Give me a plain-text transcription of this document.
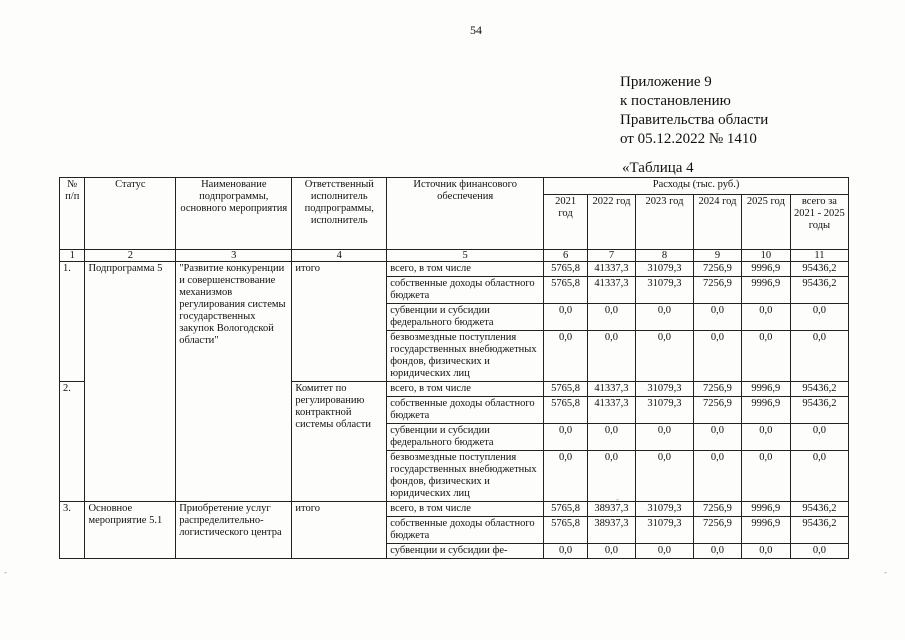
54
Приложение 9
к постановлению
Правительства области
от 05.12.2022 № 1410
«Таблица 4
-	-
-
№ п/п	Статус	Наименование подпрограммы, основного мероприятия	Ответственный исполнитель подпрограммы, исполнитель	Источник финансового обеспечения	Расходы (тыс. руб.)					
					2021 год	2022 год	2023 год	2024 год	2025 год	всего за 2021 - 2025 годы
1	2	3	4	5	6	7	8	9	10	11
1.	Подпрограмма 5	"Развитие конкуренции и совершенствование механизмов регулирования системы государственных закупок Вологодской области"	итого	всего, в том числе	5765,8	41337,3	31079,3	7256,9	9996,9	95436,2
				собственные доходы областного бюджета	5765,8	41337,3	31079,3	7256,9	9996,9	95436,2
				субвенции и субсидии федерального бюджета	0,0	0,0	0,0	0,0	0,0	0,0
				безвозмездные поступления государственных внебюджетных фондов, физических и юридических лиц	0,0	0,0	0,0	0,0	0,0	0,0
2.			Комитет по регулированию контрактной системы области	всего, в том числе	5765,8	41337,3	31079,3	7256,9	9996,9	95436,2
				собственные доходы областного бюджета	5765,8	41337,3	31079,3	7256,9	9996,9	95436,2
				субвенции и субсидии федерального бюджета	0,0	0,0	0,0	0,0	0,0	0,0
				безвозмездные поступления государственных внебюджетных фондов, физических и юридических лиц	0,0	0,0	0,0	0,0	0,0	0,0
3.	Основное мероприятие 5.1	Приобретение услуг распределительно-логистического центра	итого	всего, в том числе	5765,8	38937,3	31079,3	7256,9	9996,9	95436,2
				собственные доходы областного бюджета	5765,8	38937,3	31079,3	7256,9	9996,9	95436,2
				субвенции и субсидии фе-	0,0	0,0	0,0	0,0	0,0	0,0
